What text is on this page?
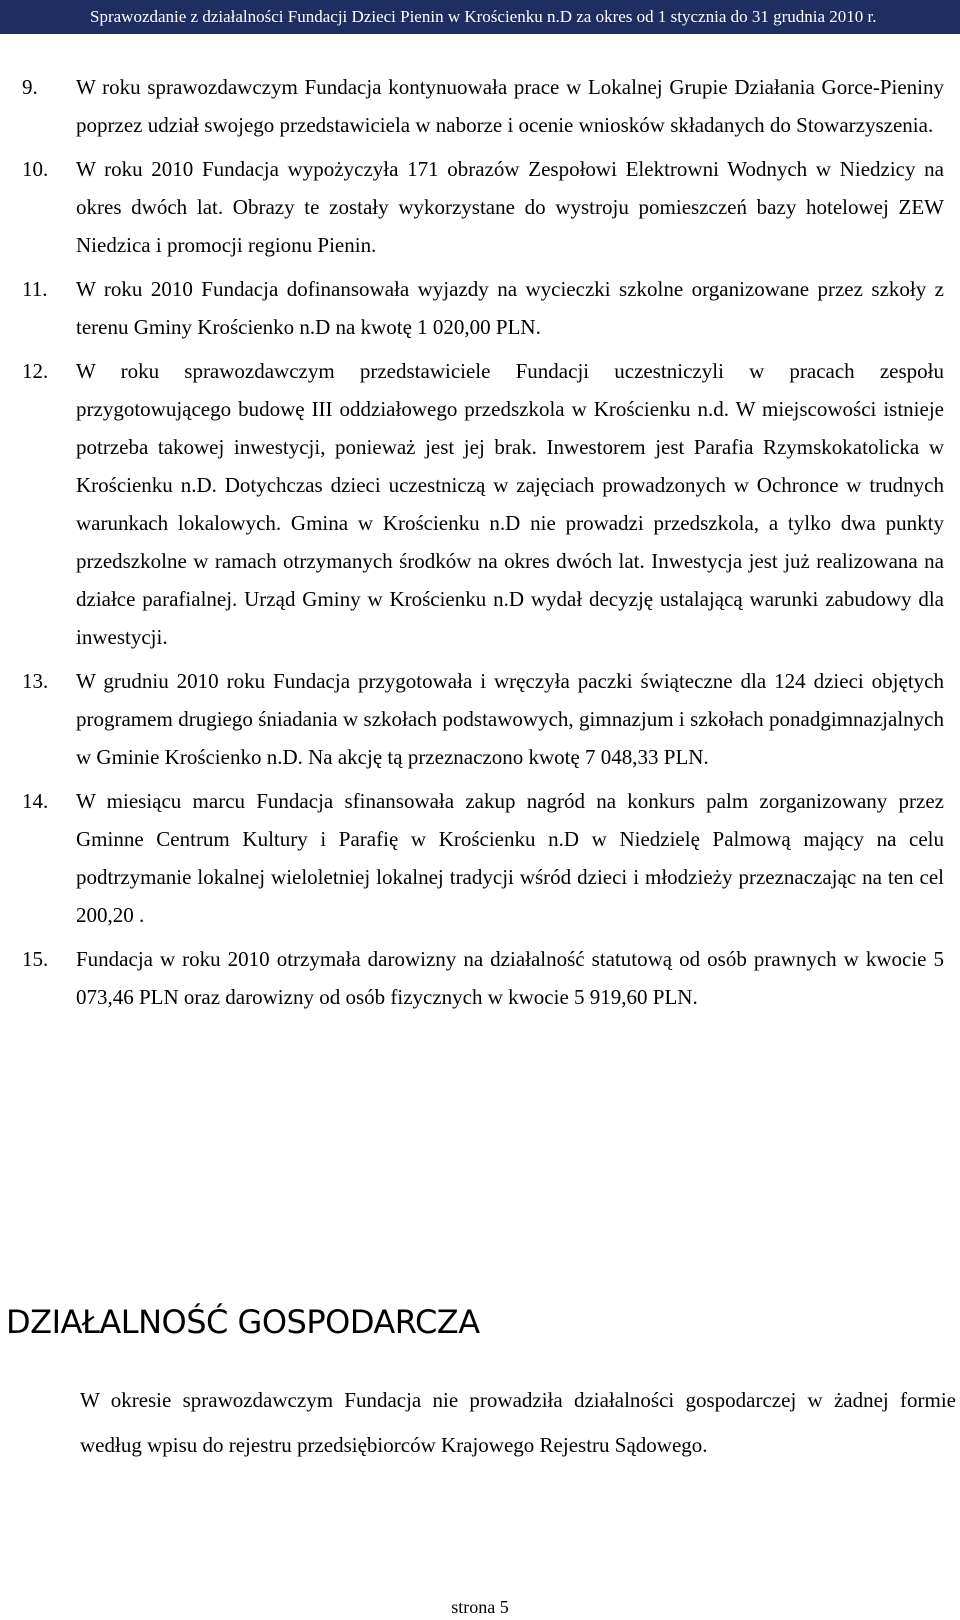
Sprawozdanie z działalności Fundacji Dzieci Pienin w Krościenku n.D za okres od 1 stycznia do 31 grudnia 2010 r.
9. W roku sprawozdawczym Fundacja kontynuowała prace w Lokalnej Grupie Działania Gorce-Pieniny poprzez udział swojego przedstawiciela w naborze i ocenie wniosków składanych do Stowarzyszenia.
10. W roku 2010 Fundacja wypożyczyła 171 obrazów Zespołowi Elektrowni Wodnych w Niedzicy na okres dwóch lat. Obrazy te zostały wykorzystane do wystroju pomieszczeń bazy hotelowej ZEW Niedzica i promocji regionu Pienin.
11. W roku 2010 Fundacja dofinansowała wyjazdy na wycieczki szkolne organizowane przez szkoły z terenu Gminy Krościenko n.D na kwotę 1 020,00 PLN.
12. W roku sprawozdawczym przedstawiciele Fundacji uczestniczyli w pracach zespołu przygotowującego budowę III oddziałowego przedszkola w Krościenku n.d. W miejscowości istnieje potrzeba takowej inwestycji, ponieważ jest jej brak. Inwestorem jest Parafia Rzymskokatolicka w Krościenku n.D. Dotychczas dzieci uczestniczą w zajęciach prowadzonych w Ochronce w trudnych warunkach lokalowych. Gmina w Krościenku n.D nie prowadzi przedszkola, a tylko dwa punkty przedszkolne w ramach otrzymanych środków na okres dwóch lat. Inwestycja jest już realizowana na działce parafialnej. Urząd Gminy w Krościenku n.D wydał decyzję ustalającą warunki zabudowy dla inwestycji.
13. W grudniu 2010 roku Fundacja przygotowała i wręczyła paczki świąteczne dla 124 dzieci objętych programem drugiego śniadania w szkołach podstawowych, gimnazjum i szkołach ponadgimnazjalnych w Gminie Krościenko n.D. Na akcję tą przeznaczono kwotę 7 048,33 PLN.
14. W miesiącu marcu Fundacja sfinansowała zakup nagród na konkurs palm zorganizowany przez Gminne Centrum Kultury i Parafię w Krościenku n.D w Niedzielę Palmową mający na celu podtrzymanie lokalnej wieloletniej lokalnej tradycji wśród dzieci i młodzieży przeznaczając na ten cel 200,20 .
15. Fundacja w roku 2010 otrzymała darowizny na działalność statutową od osób prawnych w kwocie 5 073,46 PLN oraz darowizny od osób fizycznych w kwocie 5 919,60 PLN.
DZIAŁALNOŚĆ GOSPODARCZA
W okresie sprawozdawczym Fundacja nie prowadziła działalności gospodarczej w żadnej formie według wpisu do rejestru przedsiębiorców Krajowego Rejestru Sądowego.
strona 5
